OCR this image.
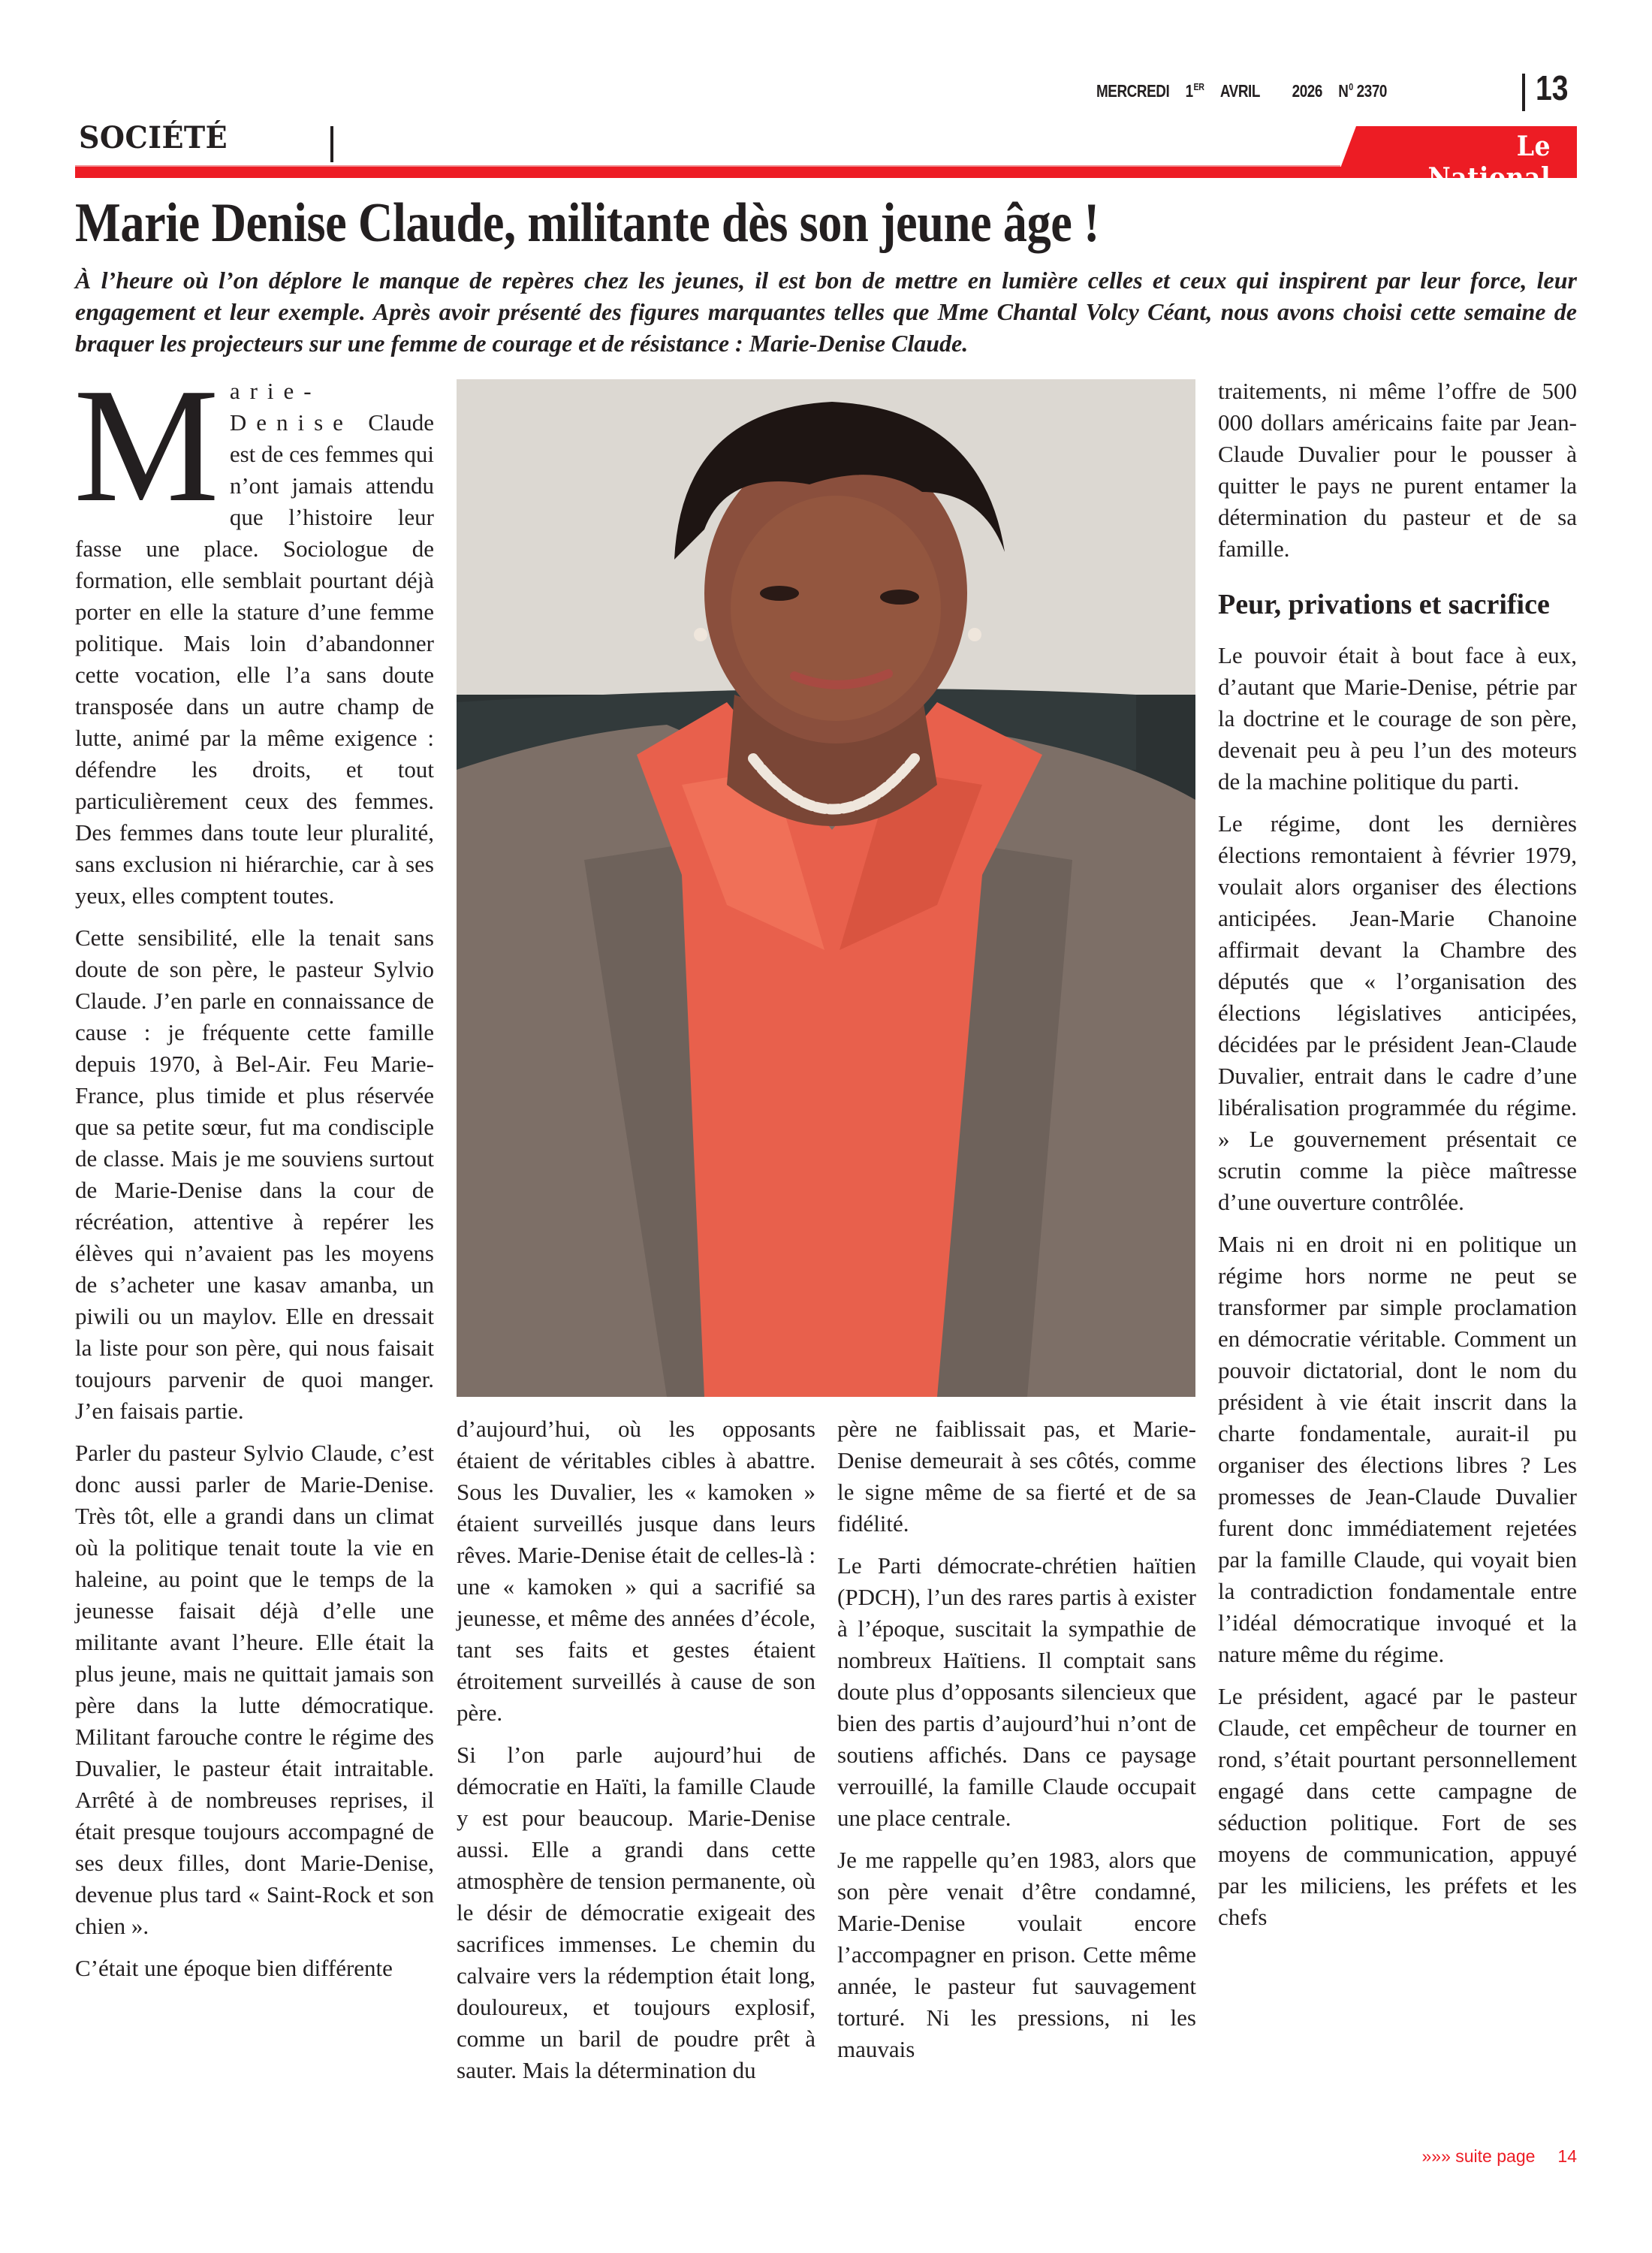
MERCREDI 1ER AVRIL 2026 $N^0$ 2370	13
SOCIÉTÉ	Le National
Marie Denise Claude, militante dès son jeune âge !

À l’heure où l’on déplore le manque de repères chez les jeunes, il est bon de mettre en lumière celles et ceux qui inspirent par leur force, leur engagement et leur exemple. Après avoir présenté des figures marquantes telles que Mme Chantal Volcy Céant, nous avons choisi cette semaine de braquer les projecteurs sur une femme de courage et de résistance : Marie-Denise Claude.

Marie-Denise Claude est de ces femmes qui n’ont jamais attendu que l’histoire leur fasse une place. Sociologue de formation, elle semblait pourtant déjà porter en elle la stature d’une femme politique. Mais loin d’abandonner cette vocation, elle l’a sans doute transposée dans un autre champ de lutte, animé par la même exigence : défendre les droits, et tout particulièrement ceux des femmes. Des femmes dans toute leur pluralité, sans exclusion ni hiérarchie, car à ses yeux, elles comptent toutes.

Cette sensibilité, elle la tenait sans doute de son père, le pasteur Sylvio Claude. J’en parle en connaissance de cause : je fréquente cette famille depuis 1970, à Bel-Air. Feu Marie-France, plus timide et plus réservée que sa petite sœur, fut ma condisciple de classe. Mais je me souviens surtout de Marie-Denise dans la cour de récréation, attentive à repérer les élèves qui n’avaient pas les moyens de s’acheter une kasav amanba, un piwili ou un maylov. Elle en dressait la liste pour son père, qui nous faisait toujours parvenir de quoi manger. J’en faisais partie.

Parler du pasteur Sylvio Claude, c’est donc aussi parler de Marie-Denise. Très tôt, elle a grandi dans un climat où la politique tenait toute la vie en haleine, au point que le temps de la jeunesse faisait déjà d’elle une militante avant l’heure. Elle était la plus jeune, mais ne quittait jamais son père dans la lutte démocratique. Militant farouche contre le régime des Duvalier, le pasteur était intraitable. Arrêté à de nombreuses reprises, il était presque toujours accompagné de ses deux filles, dont Marie-Denise, devenue plus tard « Saint-Rock et son chien ».

C’était une époque bien différente

d’aujourd’hui, où les opposants étaient de véritables cibles à abattre. Sous les Duvalier, les « kamoken » étaient surveillés jusque dans leurs rêves. Marie-Denise était de celles-là : une « kamoken » qui a sacrifié sa jeunesse, et même des années d’école, tant ses faits et gestes étaient étroitement surveillés à cause de son père.

Si l’on parle aujourd’hui de démocratie en Haïti, la famille Claude y est pour beaucoup. Marie-Denise aussi. Elle a grandi dans cette atmosphère de tension permanente, où le désir de démocratie exigeait des sacrifices immenses. Le chemin du calvaire vers la rédemption était long, douloureux, et toujours explosif, comme un baril de poudre prêt à sauter. Mais la détermination du

père ne faiblissait pas, et Marie-Denise demeurait à ses côtés, comme le signe même de sa fierté et de sa fidélité.

Le Parti démocrate-chrétien haïtien (PDCH), l’un des rares partis à exister à l’époque, suscitait la sympathie de nombreux Haïtiens. Il comptait sans doute plus d’opposants silencieux que bien des partis d’aujourd’hui n’ont de soutiens affichés. Dans ce paysage verrouillé, la famille Claude occupait une place centrale.

Je me rappelle qu’en 1983, alors que son père venait d’être condamné, Marie-Denise voulait encore l’accompagner en prison. Cette même année, le pasteur fut sauvagement torturé. Ni les pressions, ni les mauvais

traitements, ni même l’offre de 500 000 dollars américains faite par Jean-Claude Duvalier pour le pousser à quitter le pays ne purent entamer la détermination du pasteur et de sa famille.

Peur, privations et sacrifice

Le pouvoir était à bout face à eux, d’autant que Marie-Denise, pétrie par la doctrine et le courage de son père, devenait peu à peu l’un des moteurs de la machine politique du parti.

Le régime, dont les dernières élections remontaient à février 1979, voulait alors organiser des élections anticipées. Jean-Marie Chanoine affirmait devant la Chambre des députés que « l’organisation des élections législatives anticipées, décidées par le président Jean-Claude Duvalier, entrait dans le cadre d’une libéralisation programmée du régime. » Le gouvernement présentait ce scrutin comme la pièce maîtresse d’une ouverture contrôlée.

Mais ni en droit ni en politique un régime hors norme ne peut se transformer par simple proclamation en démocratie véritable. Comment un pouvoir dictatorial, dont le nom du président à vie était inscrit dans la charte fondamentale, aurait-il pu organiser des élections libres ? Les promesses de Jean-Claude Duvalier furent donc immédiatement rejetées par la famille Claude, qui voyait bien la contradiction fondamentale entre l’idéal démocratique invoqué et la nature même du régime.

Le président, agacé par le pasteur Claude, cet empêcheur de tourner en rond, s’était pourtant personnellement engagé dans cette campagne de séduction politique. Fort de ses moyens de communication, appuyé par les miliciens, les préfets et les chefs

»»» suite page 14
